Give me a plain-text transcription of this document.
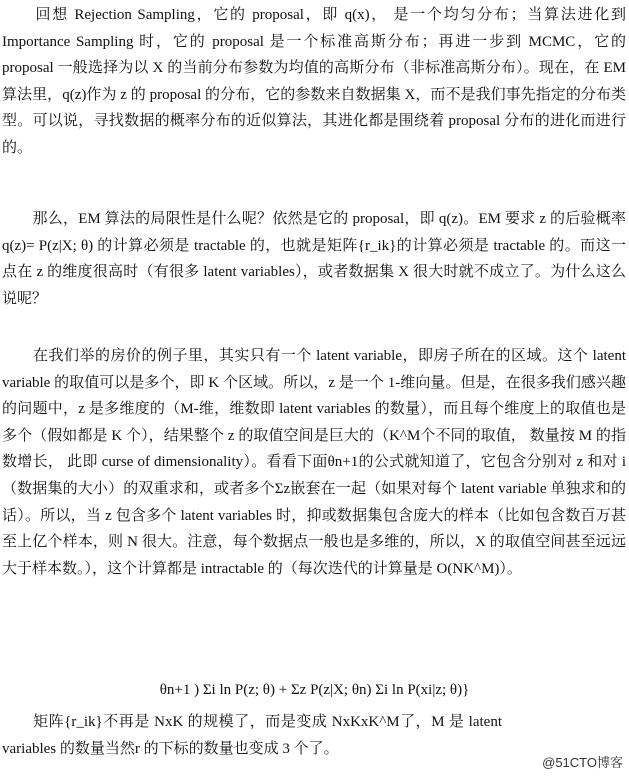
　　回想 Rejection Sampling，它的 proposal，即 q(x)， 是一个均匀分布；当算法进化到 Importance Sampling 时，它的 proposal 是一个标准高斯分布；再进一步到 MCMC，它的 proposal 一般选择为以 X 的当前分布参数为均值的高斯分布（非标准高斯分布）。现在，在 EM 算法里，q(z)作为 z 的 proposal 的分布，它的参数来自数据集 X，而不是我们事先指定的分布类型。可以说，寻找数据的概率分布的近似算法，其进化都是围绕着 proposal 分布的进化而进行的。

　　那么，EM 算法的局限性是什么呢？依然是它的 proposal，即 q(z)。EM 要求 z 的后验概率 q(z)= P(z|X; θ) 的计算必须是 tractable 的，也就是矩阵{r_ik}的计算必须是 tractable 的。而这一点在 z 的维度很高时（有很多 latent variables），或者数据集 X 很大时就不成立了。为什么这么说呢？

　　在我们举的房价的例子里，其实只有一个 latent variable，即房子所在的区域。这个 latent variable 的取值可以是多个，即 K 个区域。所以，z 是一个 1-维向量。但是，在很多我们感兴趣的问题中，z 是多维度的（M-维，维数即 latent variables 的数量），而且每个维度上的取值也是多个（假如都是 K 个），结果整个 z 的取值空间是巨大的（K^M个不同的取值， 数量按 M 的指数增长， 此即 curse of dimensionality）。看看下面θn+1的公式就知道了，它包含分别对 z 和对 i（数据集的大小）的双重求和，或者多个Σz嵌套在一起（如果对每个 latent variable 单独求和的话）。所以，当 z 包含多个 latent variables 时，抑或数据集包含庞大的样本（比如包含数百万甚至上亿个样本，则 N 很大。注意，每个数据点一般也是多维的，所以，X 的取值空间甚至远远大于样本数。），这个计算都是 intractable 的（每次迭代的计算量是 O(NK^M)）。

θn+1 ) Σi ln P(z; θ) + Σz P(z|X; θn) Σi ln P(xi|z; θ)}

　　矩阵{r_ik}不再是 NxK 的规模了，而是变成 NxKxK^M了，M 是 latent variables 的数量当然r 的下标的数量也变成 3 个了。

@51CTO博客
